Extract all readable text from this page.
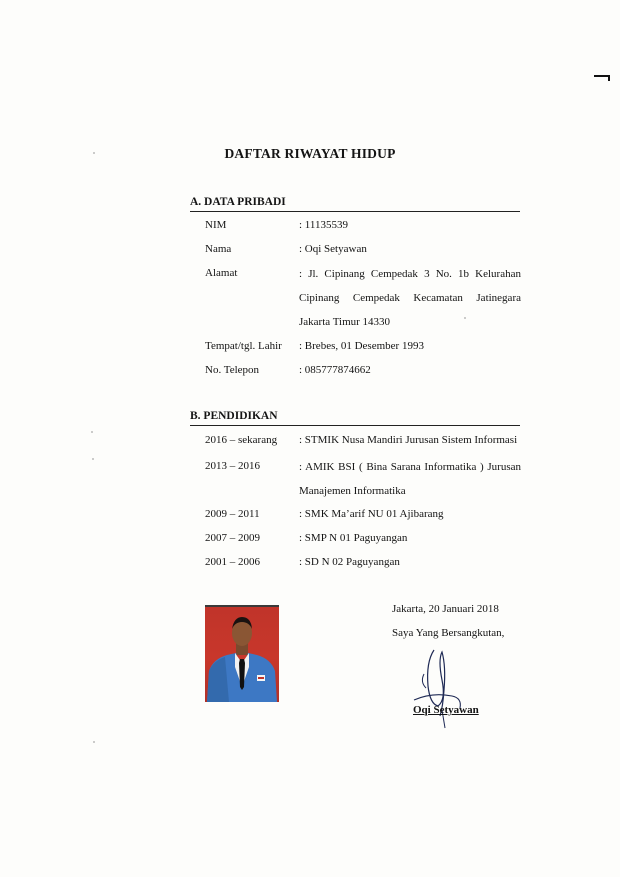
DAFTAR RIWAYAT HIDUP
A. DATA PRIBADI
NIM	: 11135539
Nama	: Oqi Setyawan
Alamat	: Jl. Cipinang Cempedak 3 No. 1b Kelurahan Cipinang Cempedak Kecamatan Jatinegara Jakarta Timur 14330
Tempat/tgl. Lahir : Brebes, 01 Desember 1993
No. Telepon	: 085777874662
B. PENDIDIKAN
2016 – sekarang : STMIK Nusa Mandiri Jurusan Sistem Informasi
2013 – 2016	: AMIK BSI ( Bina Sarana Informatika ) Jurusan Manajemen Informatika
2009 – 2011	: SMK Ma’arif NU 01 Ajibarang
2007 – 2009	: SMP N 01 Paguyangan
2001 – 2006	: SD N 02 Paguyangan
Jakarta, 20 Januari 2018
Saya Yang Bersangkutan,
Oqi Setyawan
